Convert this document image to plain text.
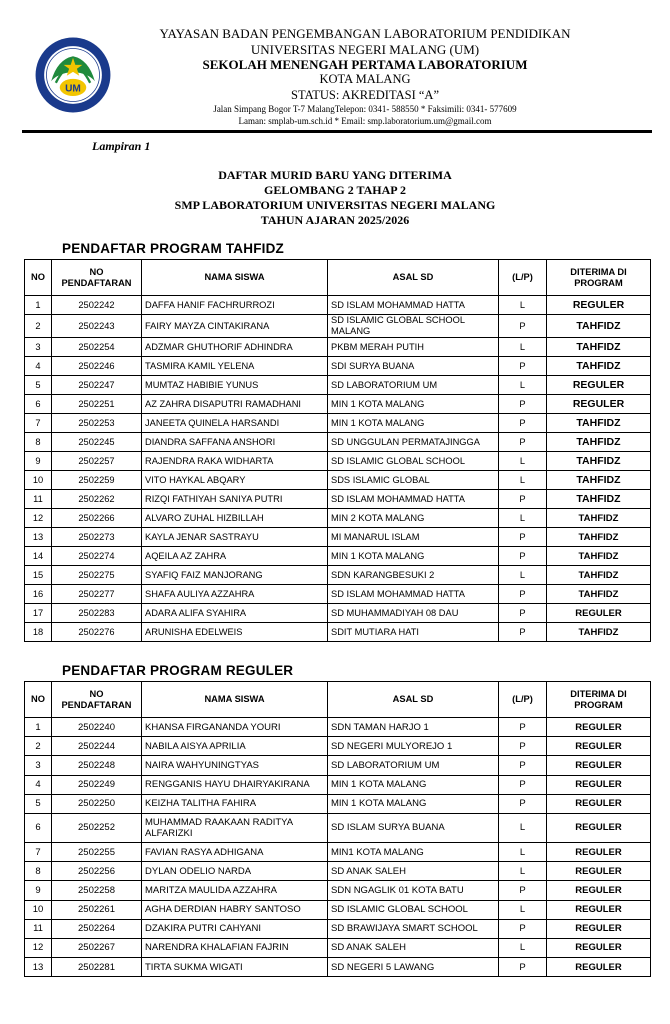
UM
YAYASAN BADAN PENGEMBANGAN LABORATORIUM PENDIDIKAN
UNIVERSITAS NEGERI MALANG (UM)
SEKOLAH MENENGAH PERTAMA LABORATORIUM
KOTA MALANG
STATUS: AKREDITASI “A”
Jalan Simpang Bogor T-7 MalangTelepon: 0341- 588550 * Faksimili: 0341- 577609
Laman: smplab-um.sch.id * Email: smp.laboratorium.um@gmail.com
Lampiran 1
DAFTAR MURID BARU YANG DITERIMA
GELOMBANG 2 TAHAP 2
SMP LABORATORIUM UNIVERSITAS NEGERI MALANG
TAHUN AJARAN 2025/2026
PENDAFTAR PROGRAM TAHFIDZ
NO	NO PENDAFTARAN	NAMA SISWA	ASAL SD	(L/P)	DITERIMA DI PROGRAM
1	2502242	DAFFA HANIF FACHRURROZI	SD ISLAM MOHAMMAD HATTA	L	REGULER
2	2502243	FAIRY MAYZA CINTAKIRANA	SD ISLAMIC GLOBAL SCHOOL MALANG	P	TAHFIDZ
3	2502254	ADZMAR GHUTHORIF ADHINDRA	PKBM MERAH PUTIH	L	TAHFIDZ
4	2502246	TASMIRA KAMIL YELENA	SDI SURYA BUANA	P	TAHFIDZ
5	2502247	MUMTAZ HABIBIE YUNUS	SD LABORATORIUM UM	L	REGULER
6	2502251	AZ ZAHRA DISAPUTRI RAMADHANI	MIN 1 KOTA MALANG	P	REGULER
7	2502253	JANEETA QUINELA HARSANDI	MIN 1 KOTA MALANG	P	TAHFIDZ
8	2502245	DIANDRA SAFFANA ANSHORI	SD UNGGULAN PERMATAJINGGA	P	TAHFIDZ
9	2502257	RAJENDRA RAKA WIDHARTA	SD ISLAMIC GLOBAL SCHOOL	L	TAHFIDZ
10	2502259	VITO HAYKAL ABQARY	SDS ISLAMIC GLOBAL	L	TAHFIDZ
11	2502262	RIZQI FATHIYAH SANIYA PUTRI	SD ISLAM MOHAMMAD HATTA	P	TAHFIDZ
12	2502266	ALVARO ZUHAL HIZBILLAH	MIN 2 KOTA MALANG	L	TAHFIDZ
13	2502273	KAYLA JENAR SASTRAYU	MI MANARUL ISLAM	P	TAHFIDZ
14	2502274	AQEILA AZ ZAHRA	MIN 1 KOTA MALANG	P	TAHFIDZ
15	2502275	SYAFIQ FAIZ MANJORANG	SDN KARANGBESUKI 2	L	TAHFIDZ
16	2502277	SHAFA AULIYA AZZAHRA	SD ISLAM MOHAMMAD HATTA	P	TAHFIDZ
17	2502283	ADARA ALIFA SYAHIRA	SD MUHAMMADIYAH 08 DAU	P	REGULER
18	2502276	ARUNISHA EDELWEIS	SDIT MUTIARA HATI	P	TAHFIDZ
PENDAFTAR PROGRAM REGULER
NO	NO PENDAFTARAN	NAMA SISWA	ASAL SD	(L/P)	DITERIMA DI PROGRAM
1	2502240	KHANSA FIRGANANDA YOURI	SDN TAMAN HARJO 1	P	REGULER
2	2502244	NABILA AISYA APRILIA	SD NEGERI MULYOREJO 1	P	REGULER
3	2502248	NAIRA WAHYUNINGTYAS	SD LABORATORIUM UM	P	REGULER
4	2502249	RENGGANIS HAYU DHAIRYAKIRANA	MIN 1 KOTA MALANG	P	REGULER
5	2502250	KEIZHA TALITHA FAHIRA	MIN 1 KOTA MALANG	P	REGULER
6	2502252	MUHAMMAD RAAKAAN RADITYA ALFARIZKI	SD ISLAM SURYA BUANA	L	REGULER
7	2502255	FAVIAN RASYA ADHIGANA	MIN1 KOTA MALANG	L	REGULER
8	2502256	DYLAN ODELIO NARDA	SD ANAK SALEH	L	REGULER
9	2502258	MARITZA MAULIDA AZZAHRA	SDN NGAGLIK 01 KOTA BATU	P	REGULER
10	2502261	AGHA DERDIAN HABRY SANTOSO	SD ISLAMIC GLOBAL SCHOOL	L	REGULER
11	2502264	DZAKIRA PUTRI CAHYANI	SD BRAWIJAYA SMART SCHOOL	P	REGULER
12	2502267	NARENDRA KHALAFIAN FAJRIN	SD ANAK SALEH	L	REGULER
13	2502281	TIRTA SUKMA WIGATI	SD NEGERI 5 LAWANG	P	REGULER
